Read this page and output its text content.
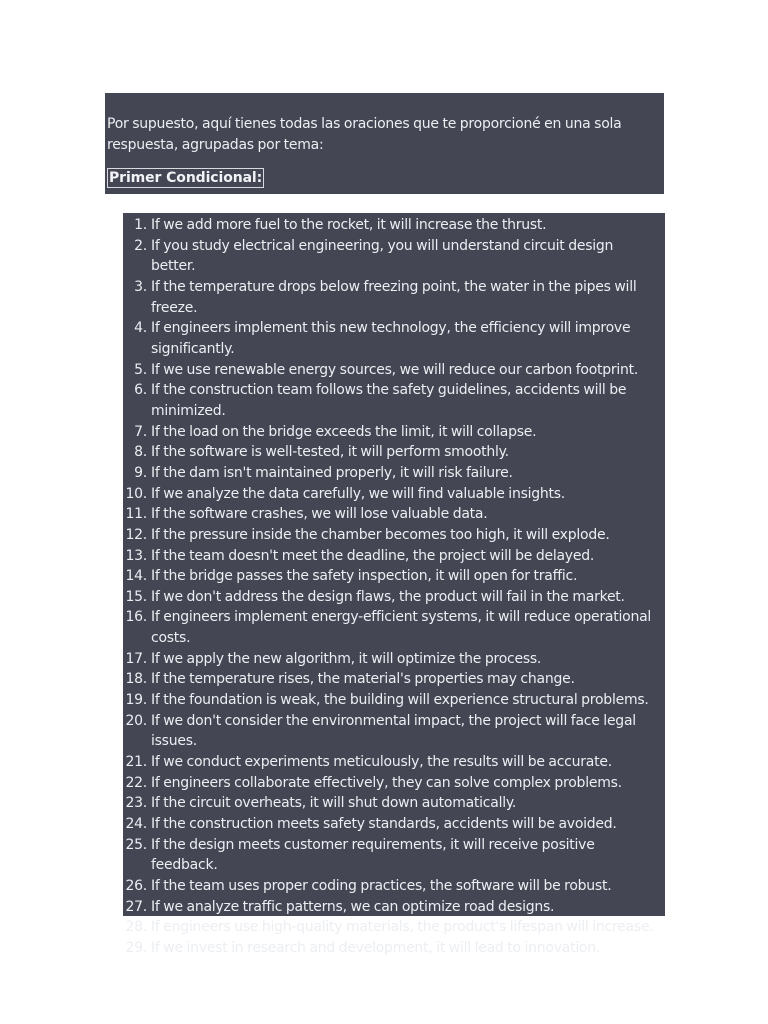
Por supuesto, aquí tienes todas las oraciones que te proporcioné en una sola respuesta, agrupadas por tema:

Primer Condicional:
1. If we add more fuel to the rocket, it will increase the thrust.
2. If you study electrical engineering, you will understand circuit design better.
3. If the temperature drops below freezing point, the water in the pipes will freeze.
4. If engineers implement this new technology, the efficiency will improve significantly.
5. If we use renewable energy sources, we will reduce our carbon footprint.
6. If the construction team follows the safety guidelines, accidents will be minimized.
7. If the load on the bridge exceeds the limit, it will collapse.
8. If the software is well-tested, it will perform smoothly.
9. If the dam isn't maintained properly, it will risk failure.
10. If we analyze the data carefully, we will find valuable insights.
11. If the software crashes, we will lose valuable data.
12. If the pressure inside the chamber becomes too high, it will explode.
13. If the team doesn't meet the deadline, the project will be delayed.
14. If the bridge passes the safety inspection, it will open for traffic.
15. If we don't address the design flaws, the product will fail in the market.
16. If engineers implement energy-efficient systems, it will reduce operational costs.
17. If we apply the new algorithm, it will optimize the process.
18. If the temperature rises, the material's properties may change.
19. If the foundation is weak, the building will experience structural problems.
20. If we don't consider the environmental impact, the project will face legal issues.
21. If we conduct experiments meticulously, the results will be accurate.
22. If engineers collaborate effectively, they can solve complex problems.
23. If the circuit overheats, it will shut down automatically.
24. If the construction meets safety standards, accidents will be avoided.
25. If the design meets customer requirements, it will receive positive feedback.
26. If the team uses proper coding practices, the software will be robust.
27. If we analyze traffic patterns, we can optimize road designs.
28. If engineers use high-quality materials, the product's lifespan will increase.
29. If we invest in research and development, it will lead to innovation.
